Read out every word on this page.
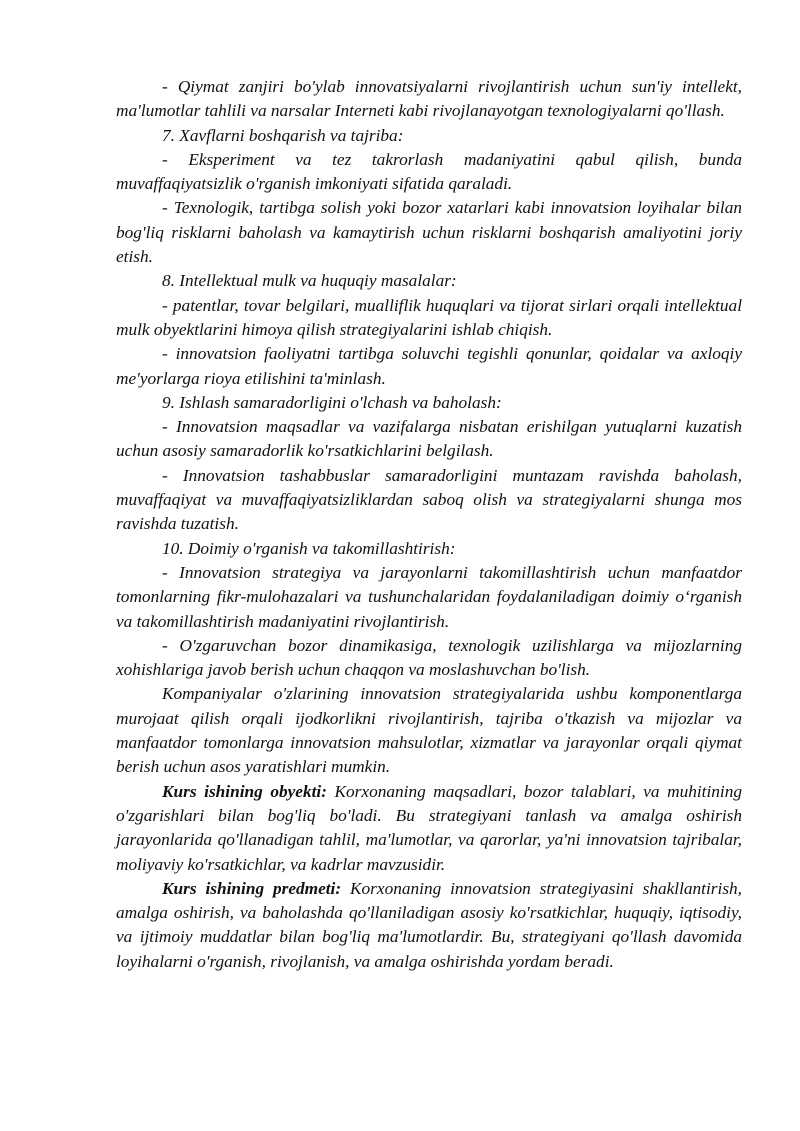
- Qiymat zanjiri bo'ylab innovatsiyalarni rivojlantirish uchun sun'iy intellekt, ma'lumotlar tahlili va narsalar Interneti kabi rivojlanayotgan texnologiyalarni qo'llash.

7. Xavflarni boshqarish va tajriba:

- Eksperiment va tez takrorlash madaniyatini qabul qilish, bunda muvaffaqiyatsizlik o'rganish imkoniyati sifatida qaraladi.

- Texnologik, tartibga solish yoki bozor xatarlari kabi innovatsion loyihalar bilan bog'liq risklarni baholash va kamaytirish uchun risklarni boshqarish amaliyotini joriy etish.

8. Intellektual mulk va huquqiy masalalar:

- patentlar, tovar belgilari, mualliflik huquqlari va tijorat sirlari orqali intellektual mulk obyektlarini himoya qilish strategiyalarini ishlab chiqish.

- innovatsion faoliyatni tartibga soluvchi tegishli qonunlar, qoidalar va axloqiy me'yorlarga rioya etilishini ta'minlash.

9. Ishlash samaradorligini o'lchash va baholash:

- Innovatsion maqsadlar va vazifalarga nisbatan erishilgan yutuqlarni kuzatish uchun asosiy samaradorlik ko'rsatkichlarini belgilash.

- Innovatsion tashabbuslar samaradorligini muntazam ravishda baholash, muvaffaqiyat va muvaffaqiyatsizliklardan saboq olish va strategiyalarni shunga mos ravishda tuzatish.

10. Doimiy o'rganish va takomillashtirish:

- Innovatsion strategiya va jarayonlarni takomillashtirish uchun manfaatdor tomonlarning fikr-mulohazalari va tushunchalaridan foydalaniladigan doimiy o‘rganish va takomillashtirish madaniyatini rivojlantirish.

- O'zgaruvchan bozor dinamikasiga, texnologik uzilishlarga va mijozlarning xohishlariga javob berish uchun chaqqon va moslashuvchan bo'lish.

Kompaniyalar o'zlarining innovatsion strategiyalarida ushbu komponentlarga murojaat qilish orqali ijodkorlikni rivojlantirish, tajriba o'tkazish va mijozlar va manfaatdor tomonlarga innovatsion mahsulotlar, xizmatlar va jarayonlar orqali qiymat berish uchun asos yaratishlari mumkin.

Kurs ishining obyekti: Korxonaning maqsadlari, bozor talablari, va muhitining o'zgarishlari bilan bog'liq bo'ladi. Bu strategiyani tanlash va amalga oshirish jarayonlarida qo'llanadigan tahlil, ma'lumotlar, va qarorlar, ya'ni innovatsion tajribalar, moliyaviy ko'rsatkichlar, va kadrlar mavzusidir.

Kurs ishining predmeti: Korxonaning innovatsion strategiyasini shakllantirish, amalga oshirish, va baholashda qo'llaniladigan asosiy ko'rsatkichlar, huquqiy, iqtisodiy, va ijtimoiy muddatlar bilan bog'liq ma'lumotlardir. Bu, strategiyani qo'llash davomida loyihalarni o'rganish, rivojlanish, va amalga oshirishda yordam beradi.
